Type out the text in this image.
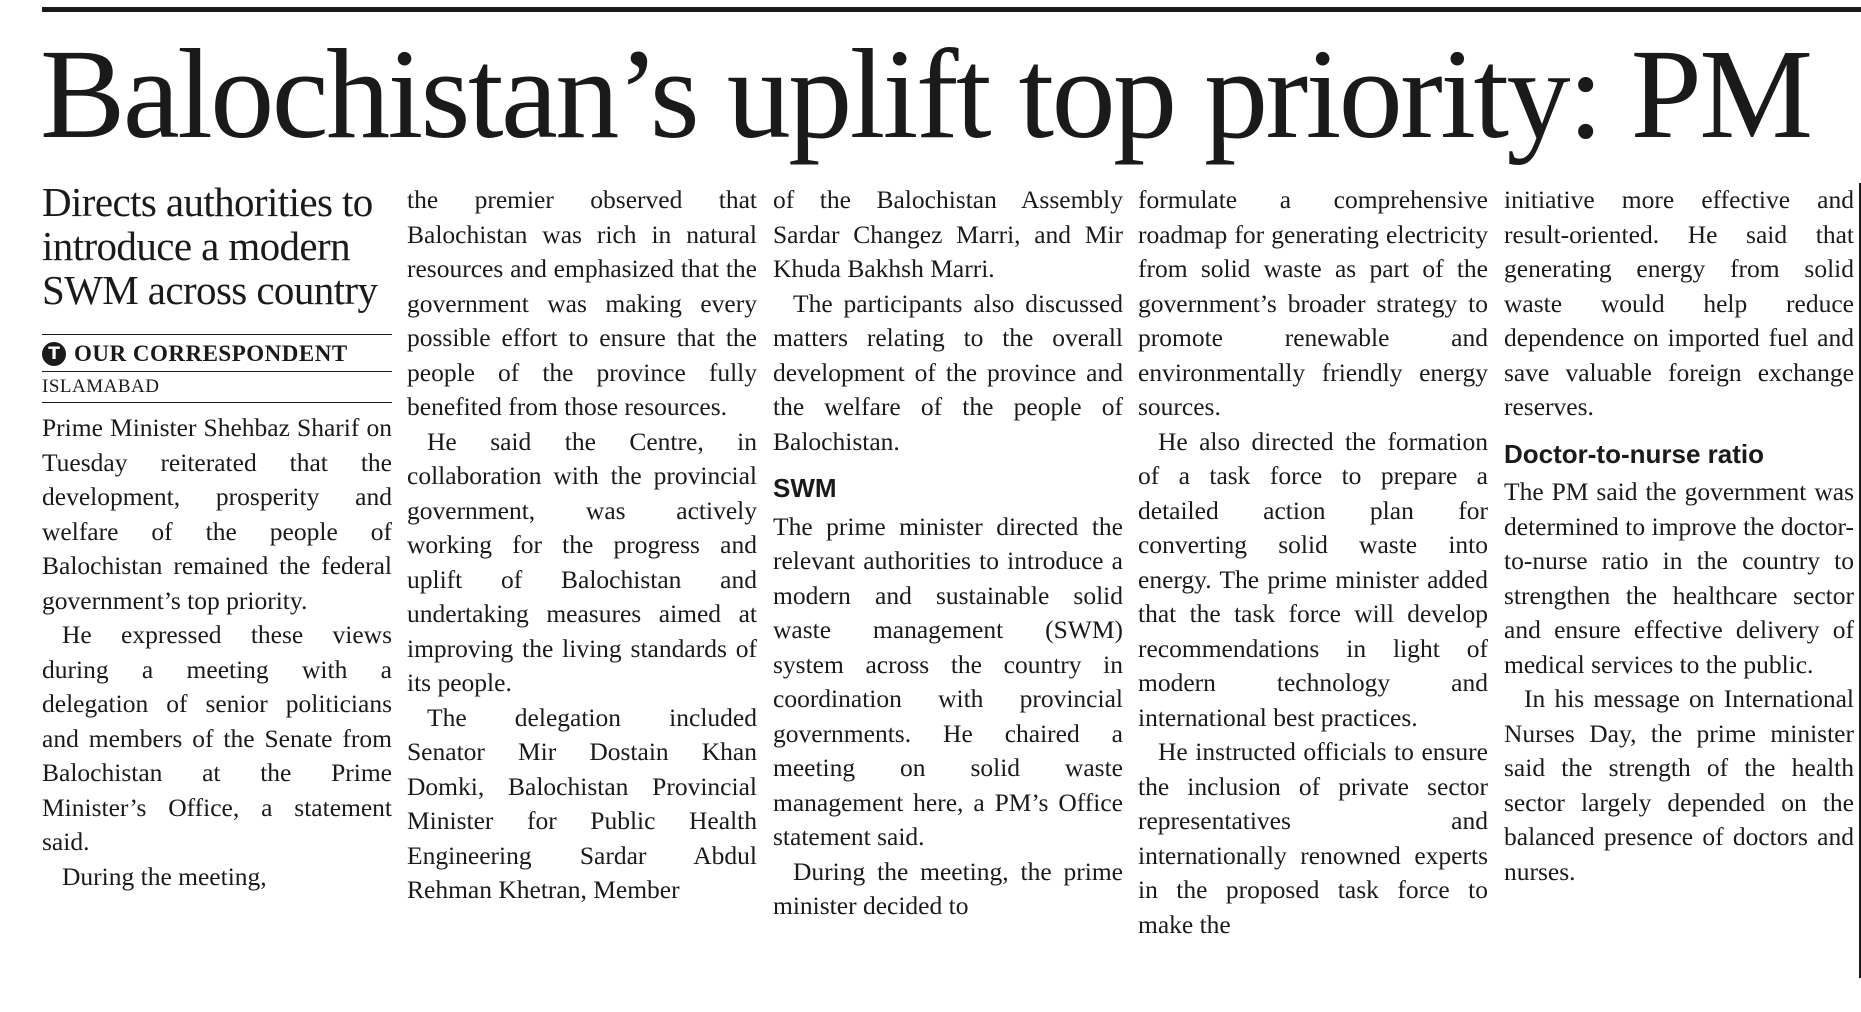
Balochistan’s uplift top priority: PM
Directs authorities to introduce a modern SWM across country
T OUR CORRESPONDENT
ISLAMABAD

Prime Minister Shehbaz Sharif on Tuesday reiterated that the development, prosperity and welfare of the people of Balochistan remained the federal government’s top priority.

He expressed these views during a meeting with a delegation of senior politicians and members of the Senate from Balochistan at the Prime Minister’s Office, a statement said.

During the meeting,

the premier observed that Balochistan was rich in natural resources and emphasized that the government was making every possible effort to ensure that the people of the province fully benefited from those resources.

He said the Centre, in collaboration with the provincial government, was actively working for the progress and uplift of Balochistan and undertaking measures aimed at improving the living standards of its people.

The delegation included Senator Mir Dostain Khan Domki, Balochistan Provincial Minister for Public Health Engineering Sardar Abdul Rehman Khetran, Member

of the Balochistan Assembly Sardar Changez Marri, and Mir Khuda Bakhsh Marri.

The participants also discussed matters relating to the overall development of the province and the welfare of the people of Balochistan.

SWM

The prime minister directed the relevant authorities to introduce a modern and sustainable solid waste management (SWM) system across the country in coordination with provincial governments. He chaired a meeting on solid waste management here, a PM’s Office statement said.

During the meeting, the prime minister decided to

formulate a comprehensive roadmap for generating electricity from solid waste as part of the government’s broader strategy to promote renewable and environmentally friendly energy sources.

He also directed the formation of a task force to prepare a detailed action plan for converting solid waste into energy. The prime minister added that the task force will develop recommendations in light of modern technology and international best practices.

He instructed officials to ensure the inclusion of private sector representatives and internationally renowned experts in the proposed task force to make the

initiative more effective and result-oriented. He said that generating energy from solid waste would help reduce dependence on imported fuel and save valuable foreign exchange reserves.

Doctor-to-nurse ratio

The PM said the government was determined to improve the doctor-to-nurse ratio in the country to strengthen the healthcare sector and ensure effective delivery of medical services to the public.

In his message on International Nurses Day, the prime minister said the strength of the health sector largely depended on the balanced presence of doctors and nurses.
